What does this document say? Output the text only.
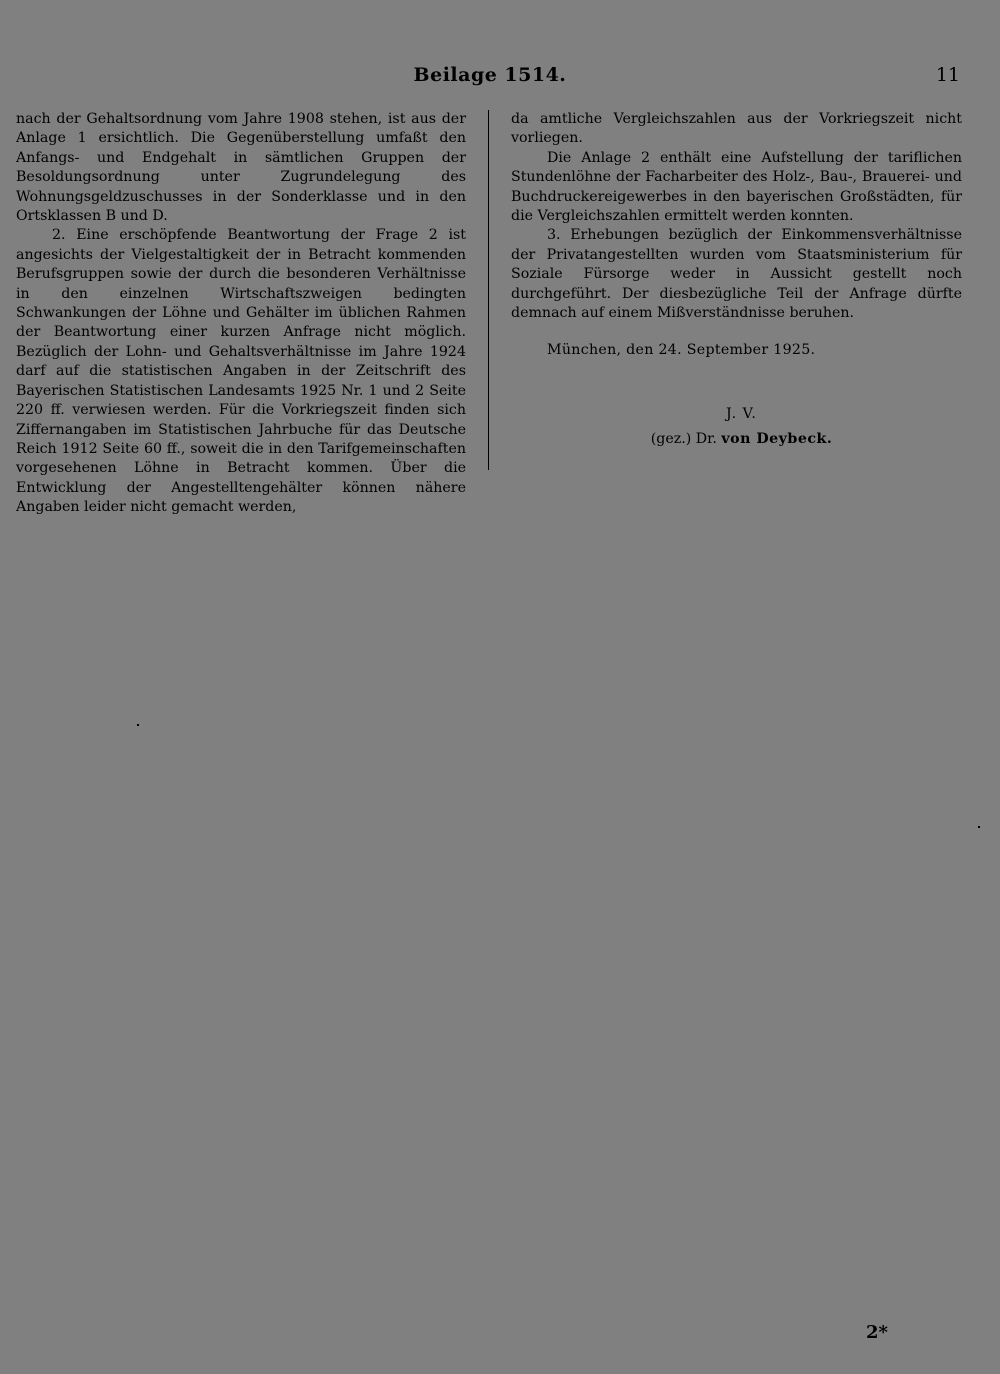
Beilage 1514.	11

nach der Gehaltsordnung vom Jahre 1908 stehen, ist aus der Anlage 1 ersichtlich. Die Gegenüberstellung umfaßt den Anfangs- und Endgehalt in sämtlichen Gruppen der Besoldungsordnung unter Zugrundelegung des Wohnungsgeldzuschusses in der Sonderklasse und in den Ortsklassen B und D.

2. Eine erschöpfende Beantwortung der Frage 2 ist angesichts der Vielgestaltigkeit der in Betracht kommenden Berufsgruppen sowie der durch die besonderen Verhältnisse in den einzelnen Wirtschaftszweigen bedingten Schwankungen der Löhne und Gehälter im üblichen Rahmen der Beantwortung einer kurzen Anfrage nicht möglich. Bezüglich der Lohn- und Gehaltsverhältnisse im Jahre 1924 darf auf die statistischen Angaben in der Zeitschrift des Bayerischen Statistischen Landesamts 1925 Nr. 1 und 2 Seite 220 ff. verwiesen werden. Für die Vorkriegszeit finden sich Ziffernangaben im Statistischen Jahrbuche für das Deutsche Reich 1912 Seite 60 ff., soweit die in den Tarifgemeinschaften vorgesehenen Löhne in Betracht kommen. Über die Entwicklung der Angestelltengehälter können nähere Angaben leider nicht gemacht werden,

da amtliche Vergleichszahlen aus der Vorkriegszeit nicht vorliegen.

Die Anlage 2 enthält eine Aufstellung der tariflichen Stundenlöhne der Facharbeiter des Holz-, Bau-, Brauerei- und Buchdruckereigewerbes in den bayerischen Großstädten, für die Vergleichszahlen ermittelt werden konnten.

3. Erhebungen bezüglich der Einkommensverhältnisse der Privatangestellten wurden vom Staatsministerium für Soziale Fürsorge weder in Aussicht gestellt noch durchgeführt. Der diesbezügliche Teil der Anfrage dürfte demnach auf einem Mißverständnisse beruhen.

München, den 24. September 1925.

J. V.
(gez.) Dr. von Deybeck.
2*
